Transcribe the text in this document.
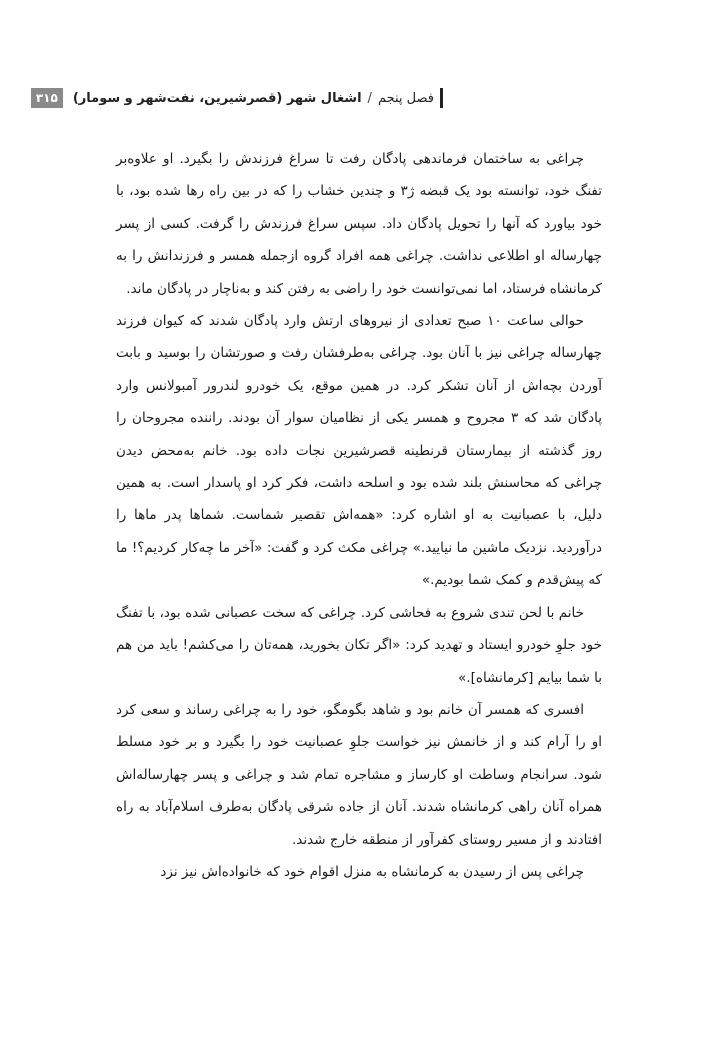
فصل پنجم
/
اشغال شهر (قصرشیرین، نفت‌شهر و سومار)
۳۱۵

چراغی به ساختمان فرماندهی پادگان رفت تا سراغ فرزندش را بگیرد. او علاوه‌بر تفنگ خود، توانسته بود یک قبضه ژ۳ و چندین خشاب را که در بین راه رها شده بود، با خود بیاورد که آنها را تحویل پادگان داد. سپس سراغ فرزندش را گرفت. کسی از پسر چهارساله او اطلاعی نداشت. چراغی همه افراد گروه ازجمله همسر و فرزندانش را به کرمانشاه فرستاد، اما نمی‌توانست خود را راضی به رفتن کند و به‌ناچار در پادگان ماند.

حوالی ساعت ۱۰ صبح تعدادی از نیروهای ارتش وارد پادگان شدند که کیوان فرزند چهارساله چراغی نیز با آنان بود. چراغی به‌طرفشان رفت و صورتشان را بوسید و بابت آوردن بچه‌اش از آنان تشکر کرد. در همین موقع، یک خودرو لندرور آمبولانس وارد پادگان شد که ۳ مجروح و همسر یکی از نظامیان سوار آن بودند. راننده مجروحان را روز گذشته از بیمارستان قرنطینه قصرشیرین نجات داده بود. خانم به‌محض دیدن چراغی که محاسنش بلند شده بود و اسلحه داشت، فکر کرد او پاسدار است. به همین دلیل، با عصبانیت به او اشاره کرد: «همه‌اش تقصیر شماست. شماها پدر ماها را درآوردید. نزدیک ماشین ما نیایید.» چراغی مکث کرد و گفت: «آخر ما چه‌کار کردیم؟! ما که پیش‌قدم و کمک شما بودیم.»

خانم با لحن تندی شروع به فحاشی کرد. چراغی که سخت عصبانی شده بود، با تفنگ خود جلوِ خودرو ایستاد و تهدید کرد: «اگر تکان بخورید، همه‌تان را می‌کشم! باید من هم با شما بیایم [کرمانشاه].»

افسری که همسر آن خانم بود و شاهد بگومگو، خود را به چراغی رساند و سعی کرد او را آرام کند و از خانمش نیز خواست جلوِ عصبانیت خود را بگیرد و بر خود مسلط شود. سرانجام وساطت او کارساز و مشاجره تمام شد و چراغی و پسر چهارساله‌اش همراه آنان راهی کرمانشاه شدند. آنان از جاده شرقی پادگان به‌طرف اسلام‌آباد به راه افتادند و از مسیر روستای کفرآور از منطقه خارج شدند.

چراغی پس از رسیدن به کرمانشاه به منزل اقوام خود که خانواده‌اش نیز نزد
